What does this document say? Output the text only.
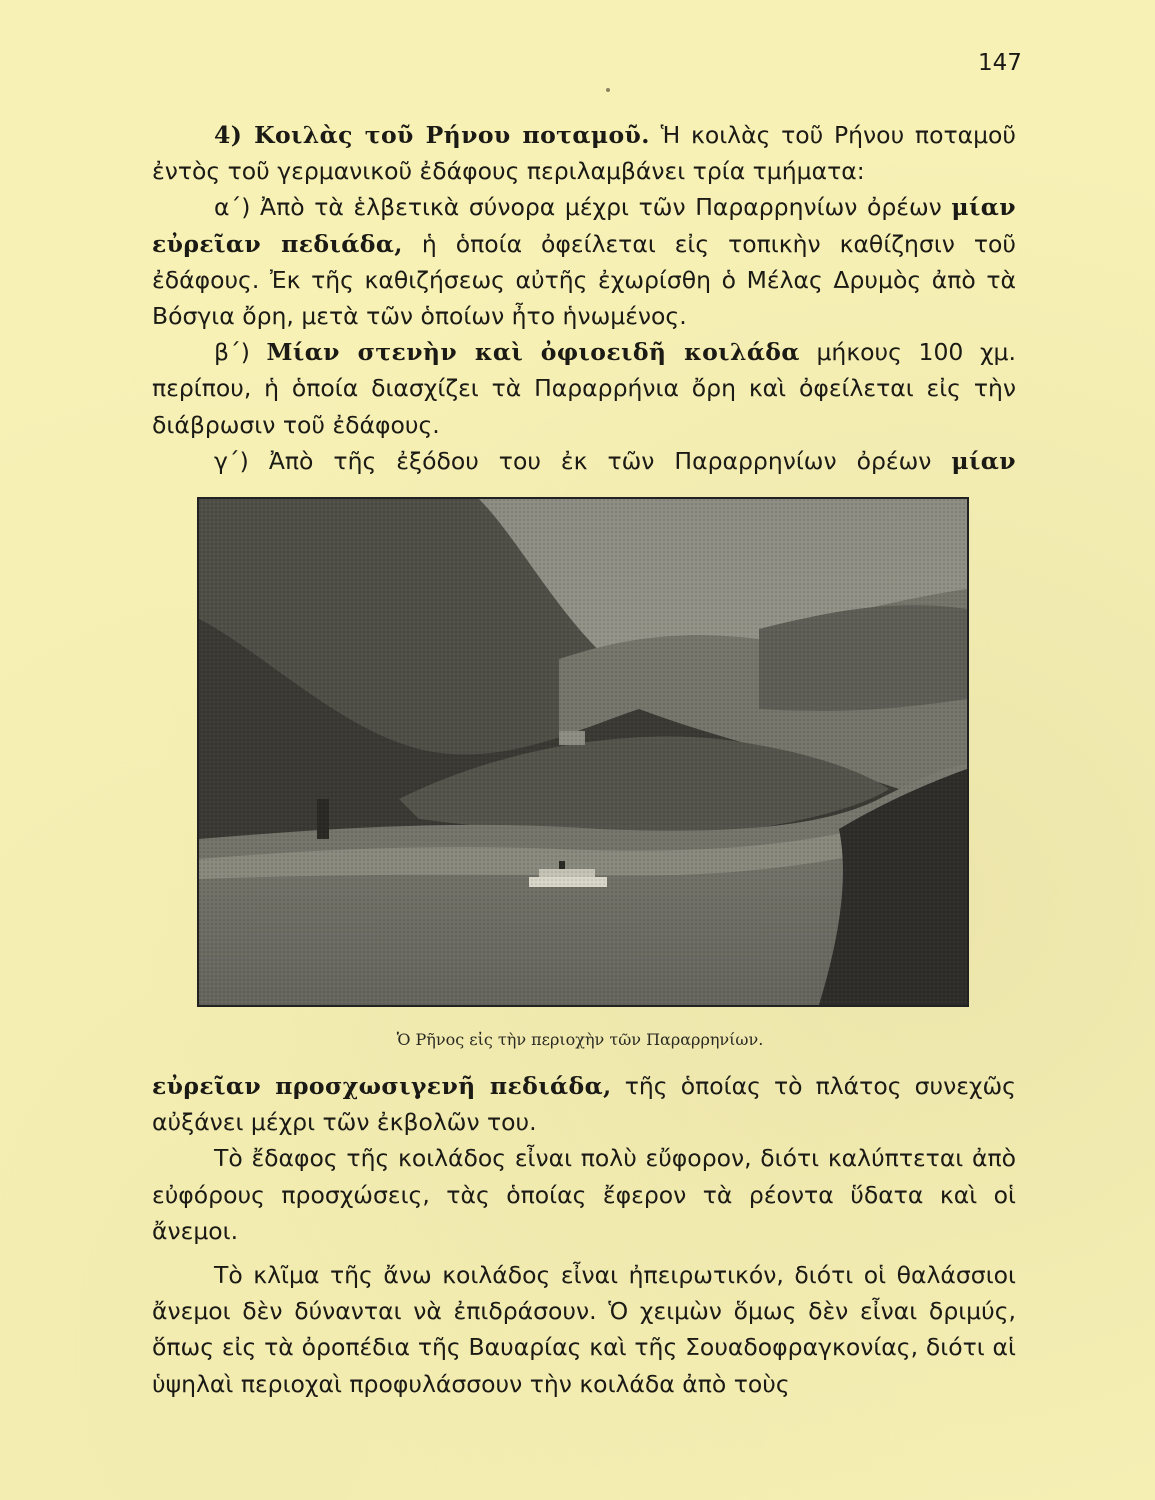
147

4) Κοιλὰς τοῦ Ρήνου ποταμοῦ. Ἡ κοιλὰς τοῦ Ρήνου ποταμοῦ ἐντὸς τοῦ γερμανικοῦ ἐδάφους περιλαμβάνει τρία τμήματα:

α΄) Ἀπὸ τὰ ἑλβετικὰ σύνορα μέχρι τῶν Παραρρηνίων ὀρέων μίαν εὐρεῖαν πεδιάδα, ἡ ὁποία ὀφείλεται εἰς τοπικὴν καθίζησιν τοῦ ἐδάφους. Ἐκ τῆς καθιζήσεως αὐτῆς ἐχωρίσθη ὁ Μέλας Δρυμὸς ἀπὸ τὰ Βόσγια ὄρη, μετὰ τῶν ὁποίων ἦτο ἡνωμένος.

β΄) Μίαν στενὴν καὶ ὀφιοειδῆ κοιλάδα μήκους 100 χμ. περίπου, ἡ ὁποία διασχίζει τὰ Παραρρήνια ὄρη καὶ ὀφείλεται εἰς τὴν διάβρωσιν τοῦ ἐδάφους.

γ΄) Ἀπὸ τῆς ἐξόδου του ἐκ τῶν Παραρρηνίων ὀρέων μίαν

Ὁ Ρῆνος εἰς τὴν περιοχὴν τῶν Παραρρηνίων.

εὐρεῖαν προσχωσιγενῆ πεδιάδα, τῆς ὁποίας τὸ πλάτος συνεχῶς αὐξάνει μέχρι τῶν ἐκβολῶν του.

Τὸ ἔδαφος τῆς κοιλάδος εἶναι πολὺ εὔφορον, διότι καλύπτεται ἀπὸ εὐφόρους προσχώσεις, τὰς ὁποίας ἔφερον τὰ ρέοντα ὕδατα καὶ οἱ ἄνεμοι.

Τὸ κλῖμα τῆς ἄνω κοιλάδος εἶναι ἠπειρωτικόν, διότι οἱ θαλάσσιοι ἄνεμοι δὲν δύνανται νὰ ἐπιδράσουν. Ὁ χειμὼν ὅμως δὲν εἶναι δριμύς, ὅπως εἰς τὰ ὀροπέδια τῆς Βαυαρίας καὶ τῆς Σουαδοφραγκονίας, διότι αἱ ὑψηλαὶ περιοχαὶ προφυλάσσουν τὴν κοιλάδα ἀπὸ τοὺς
